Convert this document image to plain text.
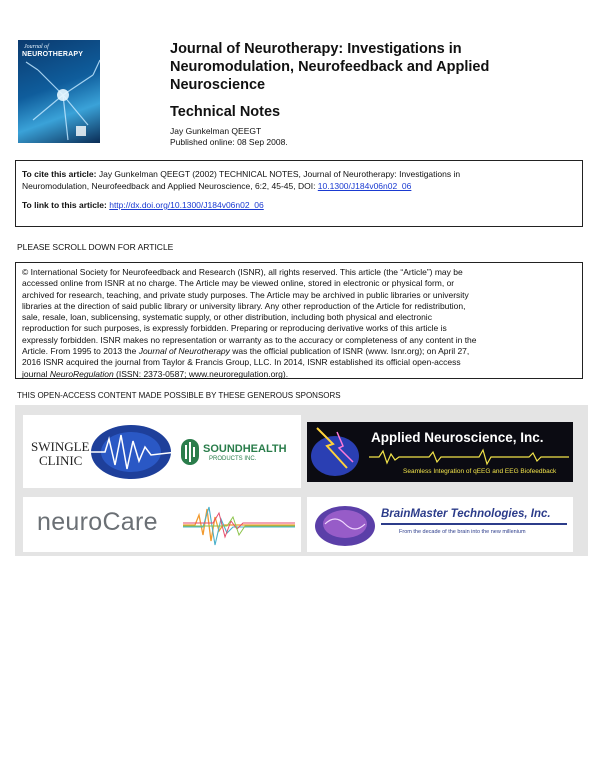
Journal of
NEUROTHERAPY	Journal of Neurotherapy: Investigations in
Neuromodulation, Neurofeedback and Applied
Neuroscience
Technical Notes
Jay Gunkelman QEEGT
Published online: 08 Sep 2008.
To cite this article: Jay Gunkelman QEEGT (2002) TECHNICAL NOTES, Journal of Neurotherapy: Investigations in
Neuromodulation, Neurofeedback and Applied Neuroscience, 6:2, 45-45, DOI: 10.1300/J184v06n02_06
To link to this article: http://dx.doi.org/10.1300/J184v06n02_06
PLEASE SCROLL DOWN FOR ARTICLE
© International Society for Neurofeedback and Research (ISNR), all rights reserved. This article (the “Article”) may be
accessed online from ISNR at no charge. The Article may be viewed online, stored in electronic or physical form, or
archived for research, teaching, and private study purposes. The Article may be archived in public libraries or university
libraries at the direction of said public library or university library. Any other reproduction of the Article for redistribution,
sale, resale, loan, sublicensing, systematic supply, or other distribution, including both physical and electronic
reproduction for such purposes, is expressly forbidden. Preparing or reproducing derivative works of this article is
expressly forbidden. ISNR makes no representation or warranty as to the accuracy or completeness of any content in the
Article. From 1995 to 2013 the Journal of Neurotherapy was the official publication of ISNR (www. Isnr.org); on April 27,
2016 ISNR acquired the journal from Taylor & Francis Group, LLC. In 2014, ISNR established its official open-access
journal NeuroRegulation (ISSN: 2373-0587; www.neuroregulation.org).
THIS OPEN-ACCESS CONTENT MADE POSSIBLE BY THESE GENEROUS SPONSORS
SWINGLE
CLINIC
SOUNDHEALTH
PRODUCTS INC.
Applied Neuroscience, Inc.
Seamless Integration of qEEG and EEG Biofeedback
neuroCare	BrainMaster Technologies, Inc.
From the decade of the brain into the new millenium
